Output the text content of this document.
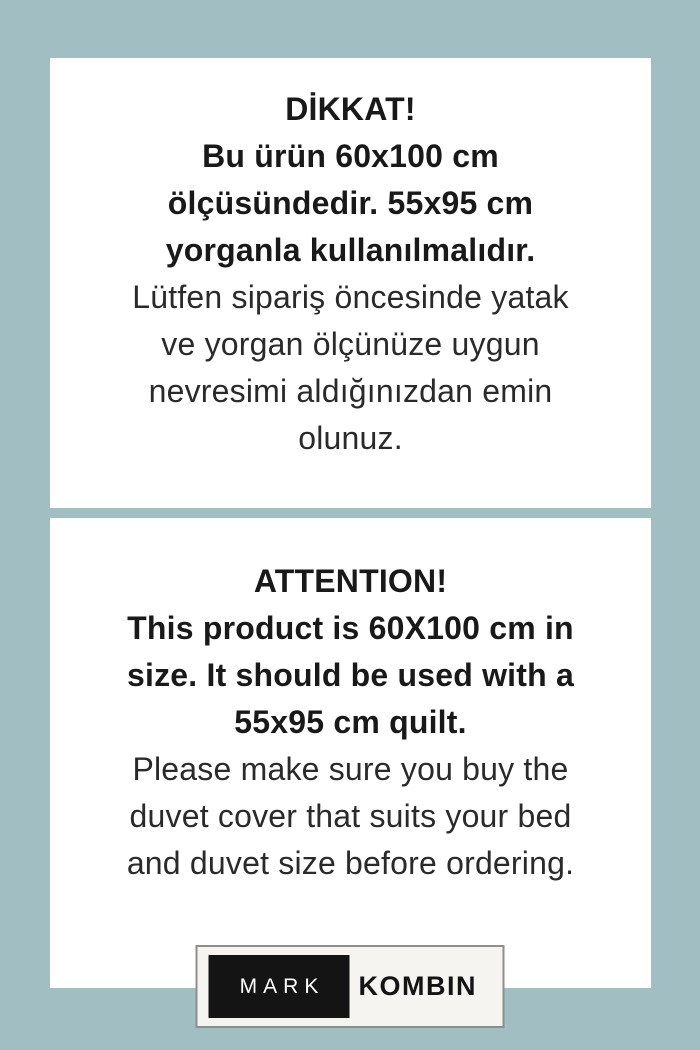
DİKKAT!
Bu ürün 60x100 cm
ölçüsündedir. 55x95 cm
yorganla kullanılmalıdır.
Lütfen sipariş öncesinde yatak
ve yorgan ölçünüze uygun
nevresimi aldığınızdan emin
olunuz.
ATTENTION!
This product is 60X100 cm in
size. It should be used with a
55x95 cm quilt.
Please make sure you buy the
duvet cover that suits your bed
and duvet size before ordering.
MARK	KOMBIN
